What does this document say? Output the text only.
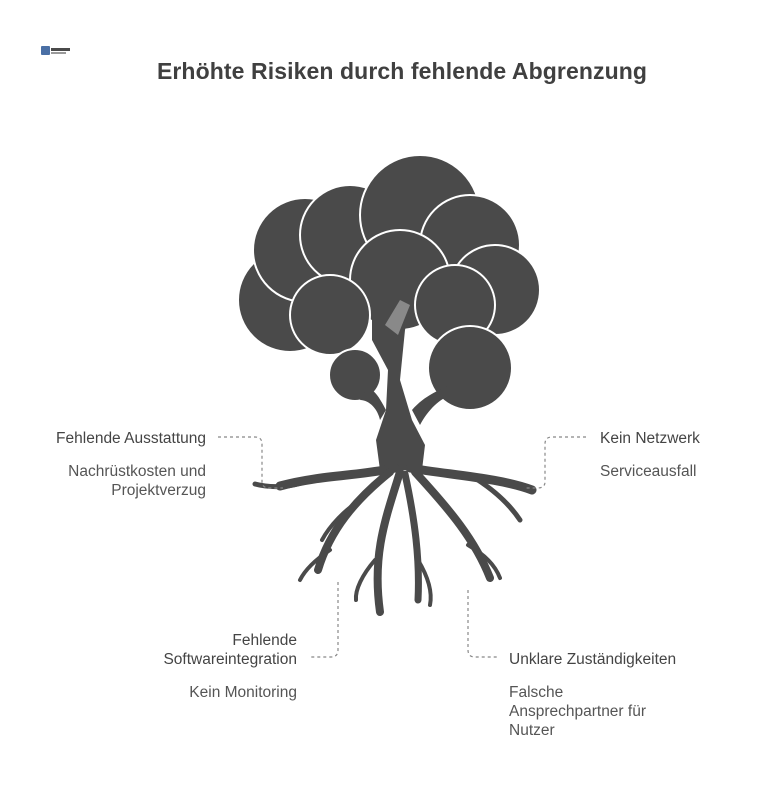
Erhöhte Risiken durch fehlende Abgrenzung
Fehlende Ausstattung
Nachrüstkosten und Projektverzug
Kein Netzwerk
Serviceausfall
Fehlende Softwareintegration
Kein Monitoring
Unklare Zuständigkeiten
Falsche Ansprechpartner für Nutzer
